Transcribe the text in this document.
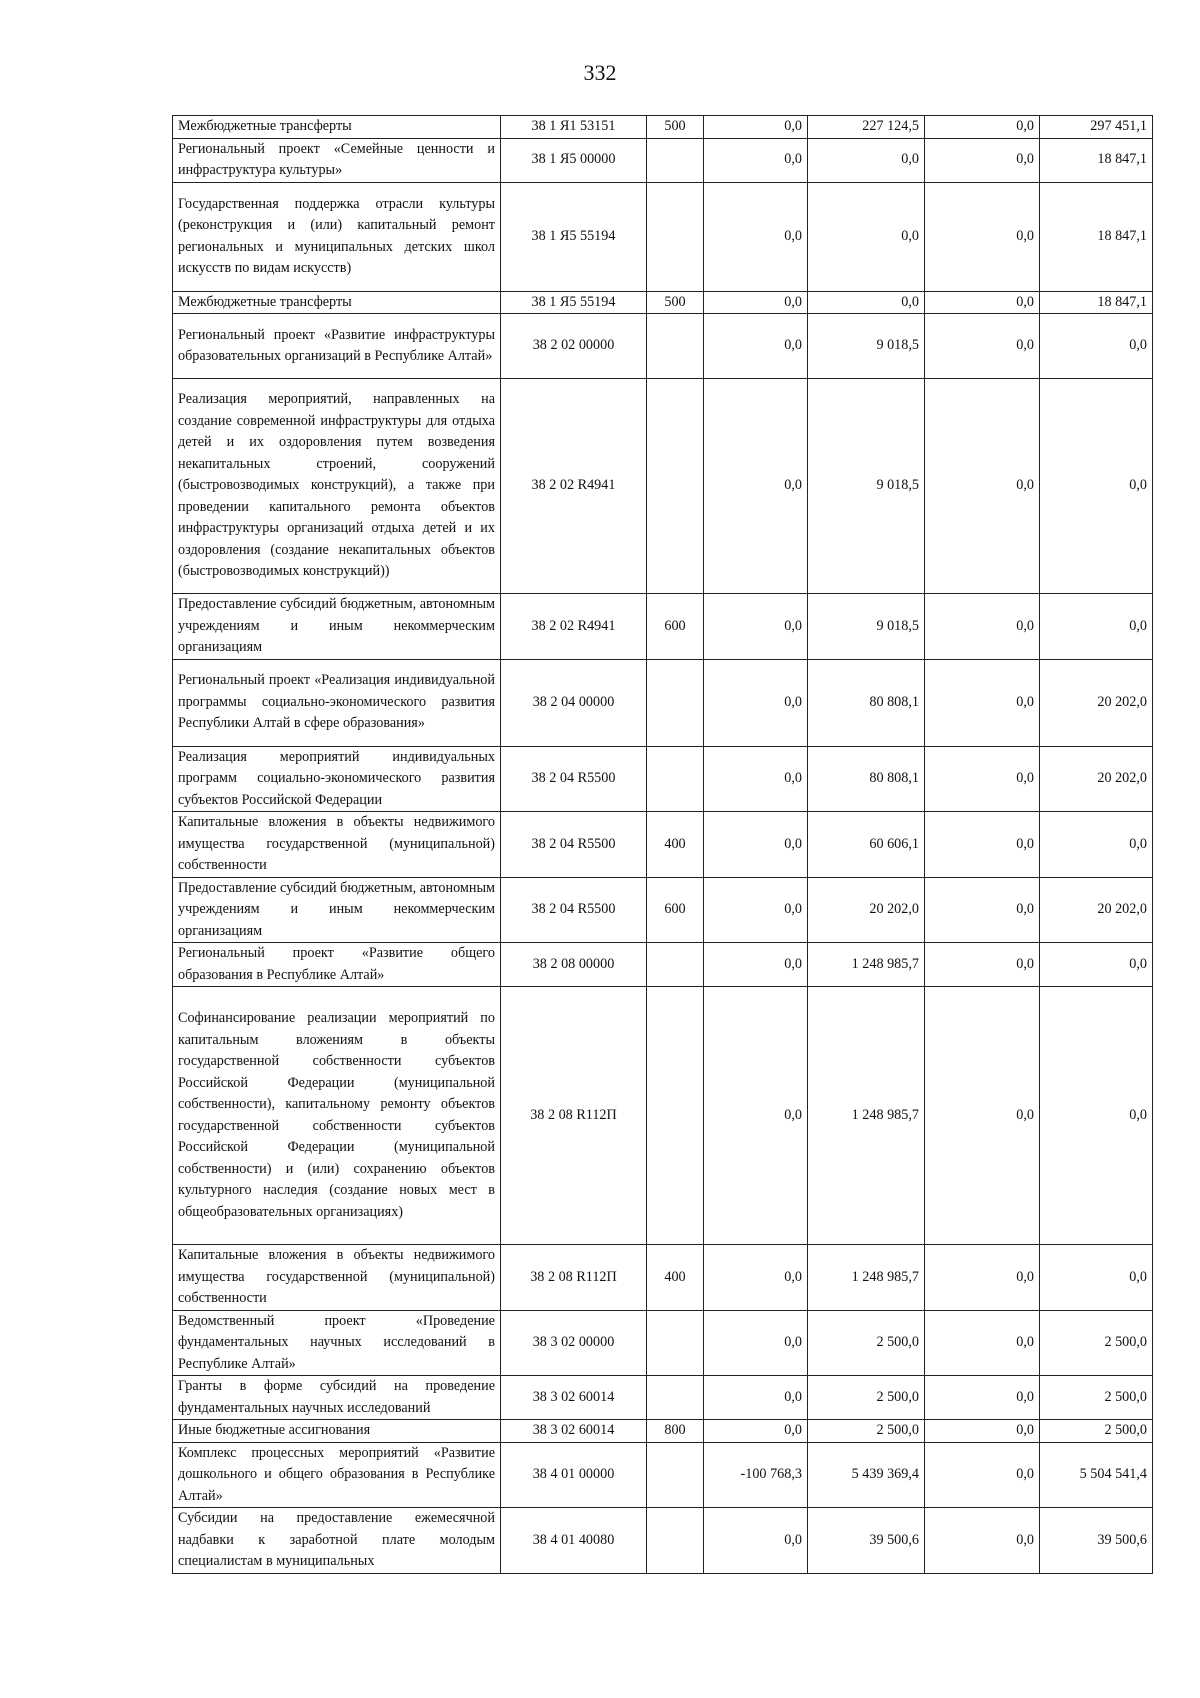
332
Межбюджетные трансферты	38 1 Я1 53151	500	0,0	227 124,5	0,0	297 451,1
Региональный проект «Семейные ценности и инфраструктура культуры»	38 1 Я5 00000		0,0	0,0	0,0	18 847,1
Государственная поддержка отрасли культуры (реконструкция и (или) капитальный ремонт региональных и муниципальных детских школ искусств по видам искусств)	38 1 Я5 55194		0,0	0,0	0,0	18 847,1
Межбюджетные трансферты	38 1 Я5 55194	500	0,0	0,0	0,0	18 847,1
Региональный проект «Развитие инфраструктуры образовательных организаций в Республике Алтай»	38 2 02 00000		0,0	9 018,5	0,0	0,0
Реализация мероприятий, направленных на создание современной инфраструктуры для отдыха детей и их оздоровления путем возведения некапитальных строений, сооружений (быстровозводимых конструкций), а также при проведении капитального ремонта объектов инфраструктуры организаций отдыха детей и их оздоровления (создание некапитальных объектов (быстровозводимых конструкций))	38 2 02 R4941		0,0	9 018,5	0,0	0,0
Предоставление субсидий бюджетным, автономным учреждениям и иным некоммерческим организациям	38 2 02 R4941	600	0,0	9 018,5	0,0	0,0
Региональный проект «Реализация индивидуальной программы социально-экономического развития Республики Алтай в сфере образования»	38 2 04 00000		0,0	80 808,1	0,0	20 202,0
Реализация мероприятий индивидуальных программ социально-экономического развития субъектов Российской Федерации	38 2 04 R5500		0,0	80 808,1	0,0	20 202,0
Капитальные вложения в объекты недвижимого имущества государственной (муниципальной) собственности	38 2 04 R5500	400	0,0	60 606,1	0,0	0,0
Предоставление субсидий бюджетным, автономным учреждениям и иным некоммерческим организациям	38 2 04 R5500	600	0,0	20 202,0	0,0	20 202,0
Региональный проект «Развитие общего образования в Республике Алтай»	38 2 08 00000		0,0	1 248 985,7	0,0	0,0
Софинансирование реализации мероприятий по капитальным вложениям в объекты государственной собственности субъектов Российской Федерации (муниципальной собственности), капитальному ремонту объектов государственной собственности субъектов Российской Федерации (муниципальной собственности) и (или) сохранению объектов культурного наследия (создание новых мест в общеобразовательных организациях)	38 2 08 R112П		0,0	1 248 985,7	0,0	0,0
Капитальные вложения в объекты недвижимого имущества государственной (муниципальной) собственности	38 2 08 R112П	400	0,0	1 248 985,7	0,0	0,0
Ведомственный проект «Проведение фундаментальных научных исследований в Республике Алтай»	38 3 02 00000		0,0	2 500,0	0,0	2 500,0
Гранты в форме субсидий на проведение фундаментальных научных исследований	38 3 02 60014		0,0	2 500,0	0,0	2 500,0
Иные бюджетные ассигнования	38 3 02 60014	800	0,0	2 500,0	0,0	2 500,0
Комплекс процессных мероприятий «Развитие дошкольного и общего образования в Республике Алтай»	38 4 01 00000		-100 768,3	5 439 369,4	0,0	5 504 541,4
Субсидии на предоставление ежемесячной надбавки к заработной плате молодым специалистам в муниципальных	38 4 01 40080		0,0	39 500,6	0,0	39 500,6
